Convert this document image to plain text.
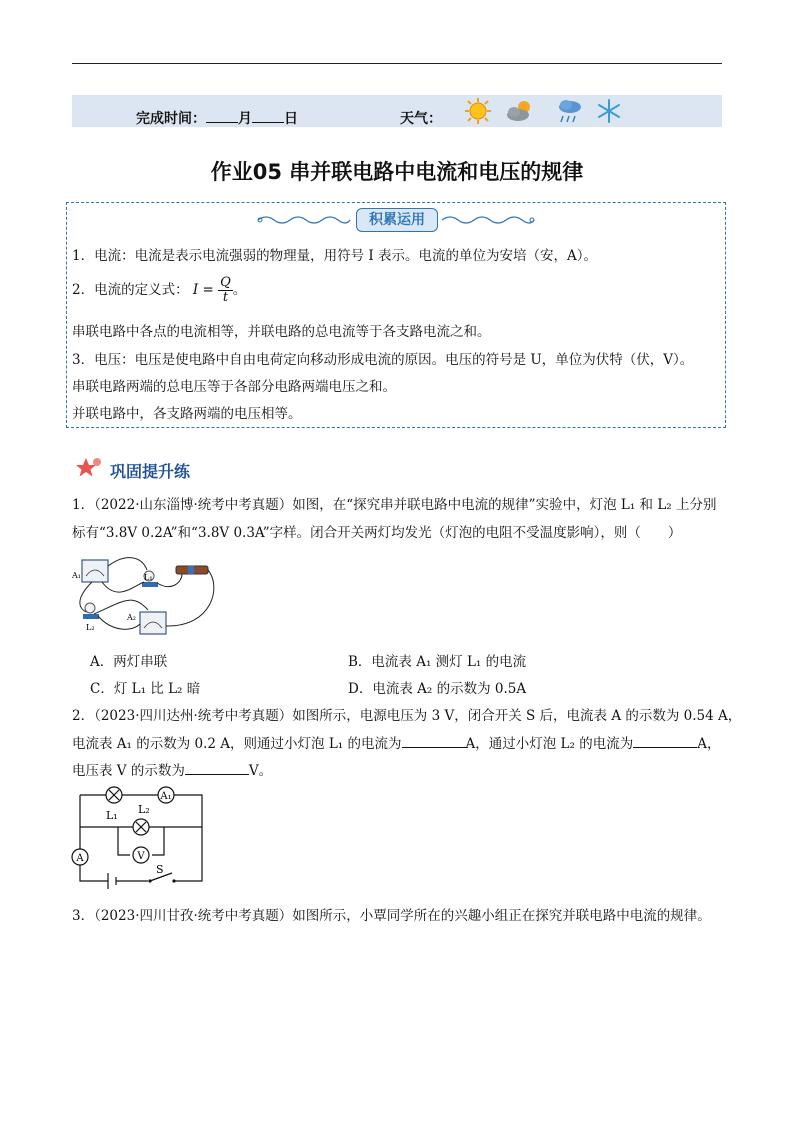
完成时间： 月 日	天气：
作业05 串并联电路中电流和电压的规律
积累运用
1．电流：电流是表示电流强弱的物理量，用符号 I 表示。电流的单位为安培（安，A）。
2．电流的定义式： $I = \frac{Q}{t}$ 。
串联电路中各点的电流相等，并联电路的总电流等于各支路电流之和。
3．电压：电压是使电路中自由电荷定向移动形成电流的原因。电压的符号是 U，单位为伏特（伏，V）。
串联电路两端的总电压等于各部分电路两端电压之和。
并联电路中，各支路两端的电压相等。
巩固提升练
1．（2022·山东淄博·统考中考真题）如图，在“探究串并联电路中电流的规律”实验中，灯泡 L₁ 和 L₂ 上分别
标有“3.8V 0.2A”和“3.8V 0.3A”字样。闭合开关两灯均发光（灯泡的电阻不受温度影响），则（　　）
A₁	L₁
A₂
L₂
A．两灯串联	B．电流表 A₁ 测灯 L₁ 的电流
C．灯 L₁ 比 L₂ 暗	D．电流表 A₂ 的示数为 0.5A
2．（2023·四川达州·统考中考真题）如图所示，电源电压为 3 V，闭合开关 S 后，电流表 A 的示数为 0.54 A，
电流表 A₁ 的示数为 0.2 A，则通过小灯泡 L₁ 的电流为	A，通过小灯泡 L₂ 的电流为	A，
电压表 V 的示数为	V。
A₁
V
A
L₁ L₂
S
3．（2023·四川甘孜·统考中考真题）如图所示，小覃同学所在的兴趣小组正在探究并联电路中电流的规律。
